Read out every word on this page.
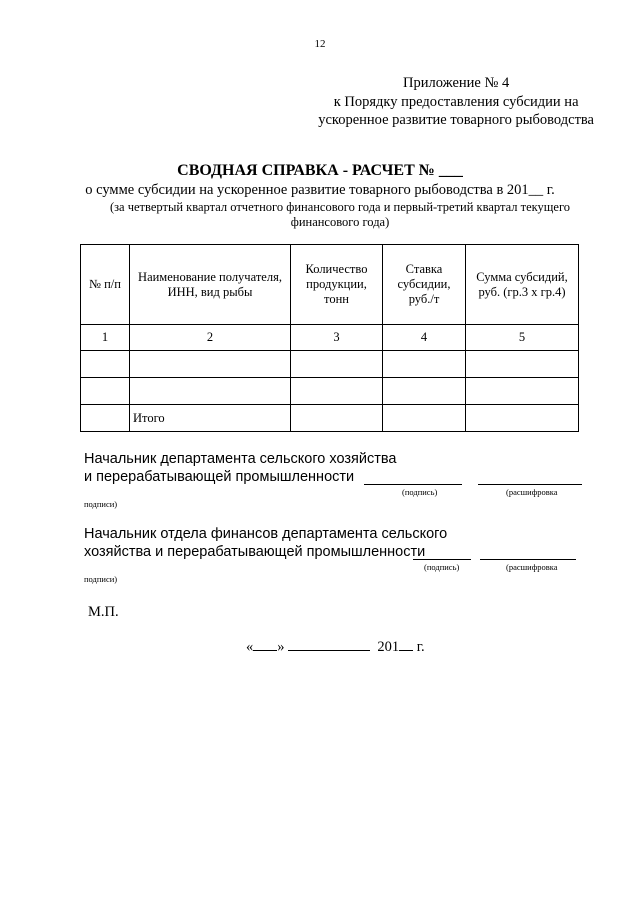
12
Приложение № 4
к Порядку предоставления субсидии на
ускоренное развитие товарного рыбоводства
СВОДНАЯ СПРАВКА - РАСЧЕТ № ___
о сумме субсидии на ускоренное развитие товарного рыбоводства в 201__ г.
(за четвертый квартал отчетного финансового года и первый-третий квартал текущего
финансового года)
№ п/п	Наименование получателя, ИНН, вид рыбы	Количество продукции, тонн	Ставка субсидии, руб./т	Сумма субсидий, руб. (гр.3 х гр.4)
1	2	3	4	5

	Итого			
Начальник департамента сельского хозяйства
и перерабатывающей промышленности
(подпись)	(расшифровка
подписи)
Начальник отдела финансов департамента сельского
хозяйства и перерабатывающей промышленности
(подпись)	(расшифровка
подписи)
М.П.
« »	201 г.
